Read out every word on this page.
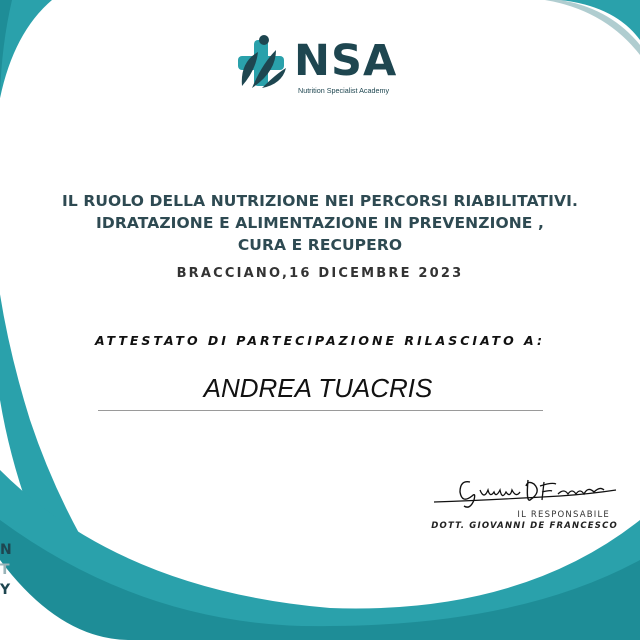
NSA
Nutrition Specialist Academy
IL RUOLO DELLA NUTRIZIONE NEI PERCORSI RIABILITATIVI.
IDRATAZIONE E ALIMENTAZIONE IN PREVENZIONE ,
CURA E RECUPERO
BRACCIANO,16 DICEMBRE 2023
ATTESTATO DI PARTECIPAZIONE RILASCIATO A:
ANDREA TUACRIS
IL RESPONSABILE
DOTT. GIOVANNI DE FRANCESCO
N
T
Y
